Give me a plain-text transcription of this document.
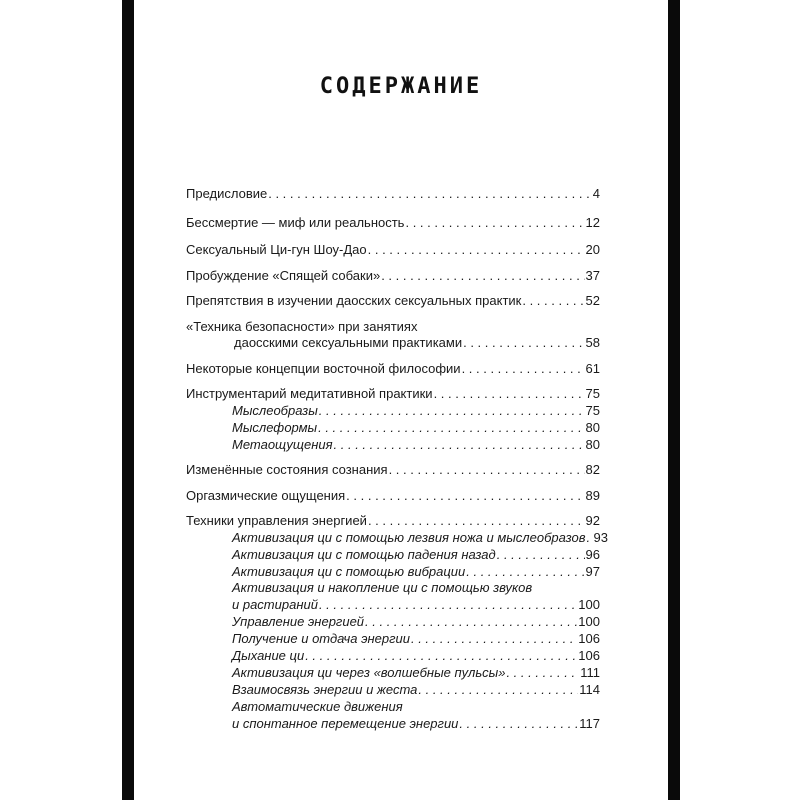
СОДЕРЖАНИЕ
Предисловие . . .	4
Бессмертие — миф или реальность . . .	12
Сексуальный Ци-гун Шоу-Дао . . .	20
Пробуждение «Спящей собаки» . . .	37
Препятствия в изучении даосских сексуальных практик . . .	52
«Техника безопасности» при занятиях
даосскими сексуальными практиками . . .	58
Некоторые концепции восточной философии . . .	61
Инструментарий медитативной практики . . .	75
Мыслеобразы . . .	75
Мыслеформы . . .	80
Метаощущения . . .	80
Изменённые состояния сознания . . .	82
Оргазмические ощущения . . .	89
Техники управления энергией . . .	92
Активизация ци с помощью лезвия ножа и мыслеобразов . . . 93
Активизация ци с помощью падения назад . . .	96
Активизация ци с помощью вибрации . . .	97
Активизация и накопление ци с помощью звуков
и растираний . . .	100
Управление энергией . . .	100
Получение и отдача энергии . . .	106
Дыхание ци . . .	106
Активизация ци через «волшебные пульсы» . . .	111
Взаимосвязь энергии и жеста . . .	114
Автоматические движения
и спонтанное перемещение энергии . . .	117
